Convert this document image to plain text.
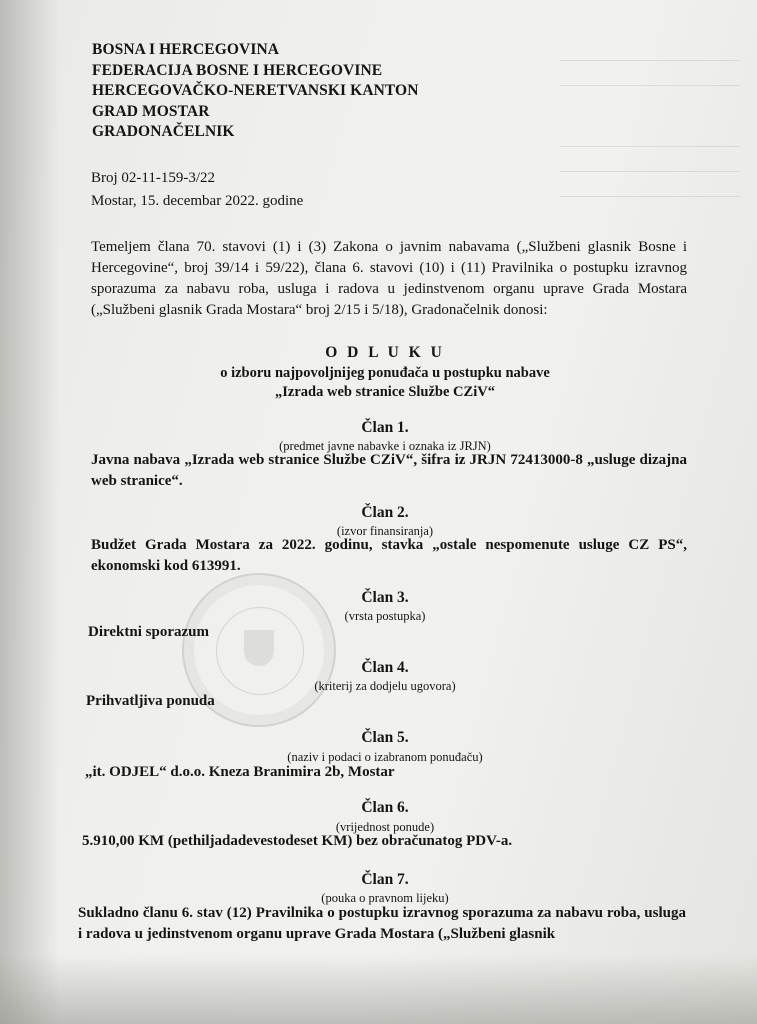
BOSNA I HERCEGOVINA
FEDERACIJA BOSNE I HERCEGOVINE
HERCEGOVAČKO-NERETVANSKI KANTON
GRAD MOSTAR
GRADONAČELNIK
Broj 02-11-159-3/22
Mostar, 15. decembar 2022. godine
Temeljem člana 70. stavovi (1) i (3) Zakona o javnim nabavama („Službeni glasnik Bosne i Hercegovine“, broj 39/14 i 59/22), člana 6. stavovi (10) i (11) Pravilnika o postupku izravnog sporazuma za nabavu roba, usluga i radova u jedinstvenom organu uprave Grada Mostara („Službeni glasnik Grada Mostara“ broj 2/15 i 5/18), Gradonačelnik donosi:
O D L U K U
o izboru najpovoljnijeg ponuđača u postupku nabave
„Izrada web stranice Službe CZiV“
Član 1.
(predmet javne nabavke i oznaka iz JRJN)
Javna nabava „Izrada web stranice Službe CZiV“, šifra iz JRJN 72413000-8 „usluge dizajna web stranice“.
Član 2.
(izvor finansiranja)
Budžet Grada Mostara za 2022. godinu, stavka „ostale nespomenute usluge CZ PS“, ekonomski kod 613991.
Član 3.
(vrsta postupka)
Direktni sporazum
Član 4.
(kriterij za dodjelu ugovora)
Prihvatljiva ponuda
Član 5.
(naziv i podaci o izabranom ponuđaču)
„it. ODJEL“ d.o.o. Kneza Branimira 2b, Mostar
Član 6.
(vrijednost ponude)
5.910,00 KM (pethiljadadevestodeset KM) bez obračunatog PDV-a.
Član 7.
(pouka o pravnom lijeku)
Sukladno članu 6. stav (12) Pravilnika o postupku izravnog sporazuma za nabavu roba, usluga i radova u jedinstvenom organu uprave Grada Mostara („Službeni glasnik
